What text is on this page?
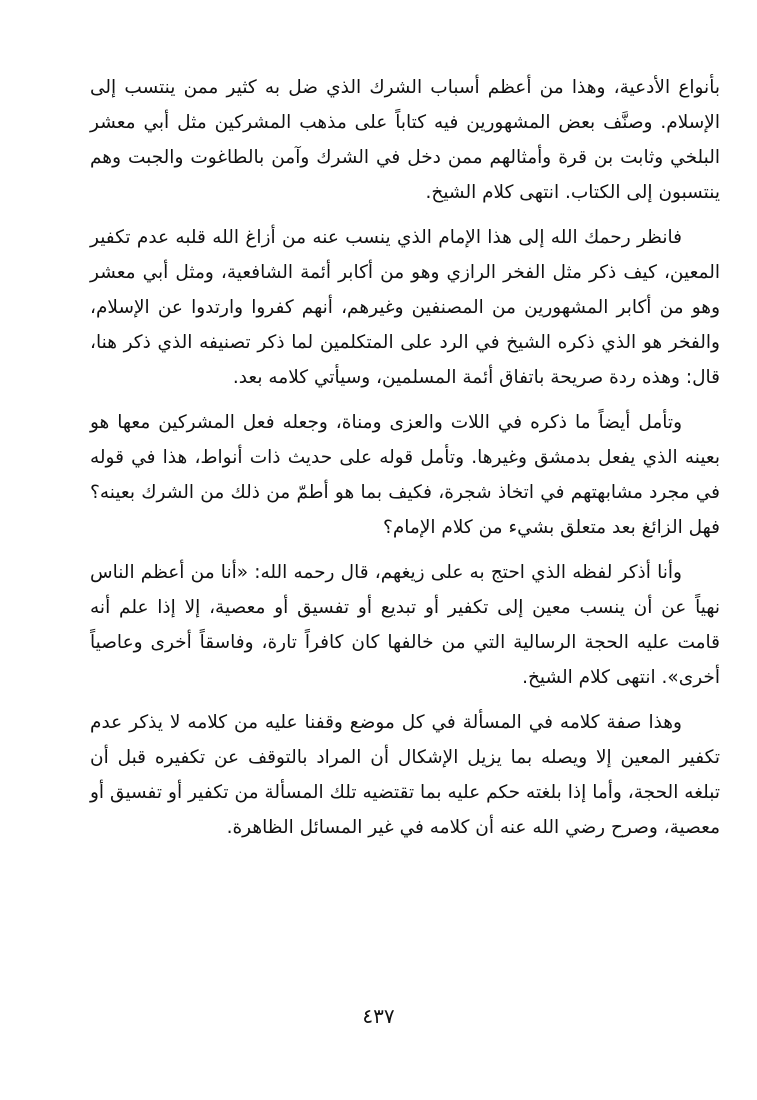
بأنواع الأدعية، وهذا من أعظم أسباب الشرك الذي ضل به كثير ممن ينتسب إلى الإسلام. وصنَّف بعض المشهورين فيه كتاباً على مذهب المشركين مثل أبي معشر البلخي وثابت بن قرة وأمثالهم ممن دخل في الشرك وآمن بالطاغوت والجبت وهم ينتسبون إلى الكتاب. انتهى كلام الشيخ.

فانظر رحمك الله إلى هذا الإمام الذي ينسب عنه من أزاغ الله قلبه عدم تكفير المعين، كيف ذكر مثل الفخر الرازي وهو من أكابر أئمة الشافعية، ومثل أبي معشر وهو من أكابر المشهورين من المصنفين وغيرهم، أنهم كفروا وارتدوا عن الإسلام، والفخر هو الذي ذكره الشيخ في الرد على المتكلمين لما ذكر تصنيفه الذي ذكر هنا، قال: وهذه ردة صريحة باتفاق أئمة المسلمين، وسيأتي كلامه بعد.

وتأمل أيضاً ما ذكره في اللات والعزى ومناة، وجعله فعل المشركين معها هو بعينه الذي يفعل بدمشق وغيرها. وتأمل قوله على حديث ذات أنواط، هذا في قوله في مجرد مشابهتهم في اتخاذ شجرة، فكيف بما هو أطمّ من ذلك من الشرك بعينه؟ فهل الزائغ بعد متعلق بشيء من كلام الإمام؟

وأنا أذكر لفظه الذي احتج به على زيغهم، قال رحمه الله: «أنا من أعظم الناس نهياً عن أن ينسب معين إلى تكفير أو تبديع أو تفسيق أو معصية، إلا إذا علم أنه قامت عليه الحجة الرسالية التي من خالفها كان كافراً تارة، وفاسقاً أخرى وعاصياً أخرى». انتهى كلام الشيخ.

وهذا صفة كلامه في المسألة في كل موضع وقفنا عليه من كلامه لا يذكر عدم تكفير المعين إلا ويصله بما يزيل الإشكال أن المراد بالتوقف عن تكفيره قبل أن تبلغه الحجة، وأما إذا بلغته حكم عليه بما تقتضيه تلك المسألة من تكفير أو تفسيق أو معصية، وصرح رضي الله عنه أن كلامه في غير المسائل الظاهرة.

٤٣٧
